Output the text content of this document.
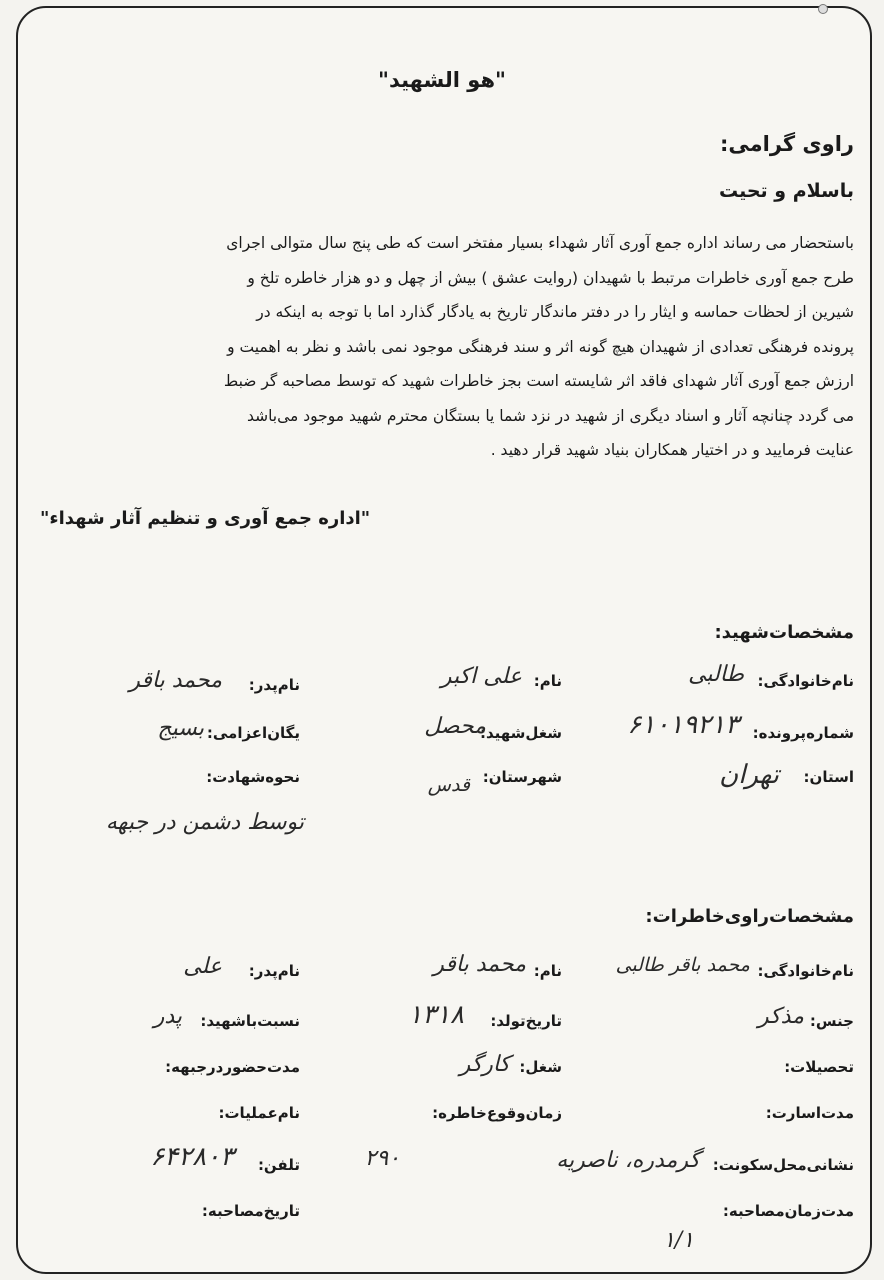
"هو الشهید"
راوی گرامی:
باسلام و تحیت
باستحضار می رساند اداره جمع آوری آثار شهداء بسیار مفتخر است که طی پنج سال متوالی اجرای
طرح جمع آوری خاطرات مرتبط با شهیدان (روایت عشق ) بیش از چهل و دو هزار خاطره تلخ و
شیرین از لحظات حماسه و ایثار را در دفتر ماندگار تاریخ به یادگار گذارد اما با توجه به اینکه در
پرونده فرهنگی تعدادی از شهیدان هیچ گونه اثر و سند فرهنگی موجود نمی باشد و نظر به اهمیت و
ارزش جمع آوری آثار شهدای فاقد اثر شایسته است بجز خاطرات شهید که توسط مصاحبه گر ضبط
می گردد چنانچه آثار و اسناد دیگری از شهید در نزد شما یا بستگان محترم شهید موجود می‌باشد
عنایت فرمایید و در اختیار همکاران بنیاد شهید قرار دهید .
"اداره جمع آوری و تنظیم آثار شهداء"
مشخصات‌شهید:
نام‌خانوادگی:
طالبی
نام:
علی اکبر
نام‌پدر:
محمد باقر
شماره‌پرونده:
۶۱۰۱۹۲۱۳
شغل‌شهید:
محصل
یگان‌اعزامی:
بسیج
استان:
تهران
شهرستان:
قدس
نحوه‌شهادت:
توسط دشمن در جبهه
مشخصات‌راوی‌خاطرات:
نام‌خانوادگی:
محمد باقر طالبی
نام:
محمد باقر
نام‌پدر:
علی
جنس:
مذکر
تاریخ‌تولد:
۱۳۱۸
نسبت‌با‌شهید:
پدر
تحصیلات:
شغل:
کارگر
مدت‌حضوردرجبهه:
مدت‌اسارت:
زمان‌وقوع‌خاطره:
نام‌عملیات:
نشانی‌محل‌سکونت:
گرمدره، ناصریه
۲۹۰
تلفن:
۶۴۲۸۰۳
مدت‌زمان‌مصاحبه:
تاریخ‌مصاحبه:
۱/۱
